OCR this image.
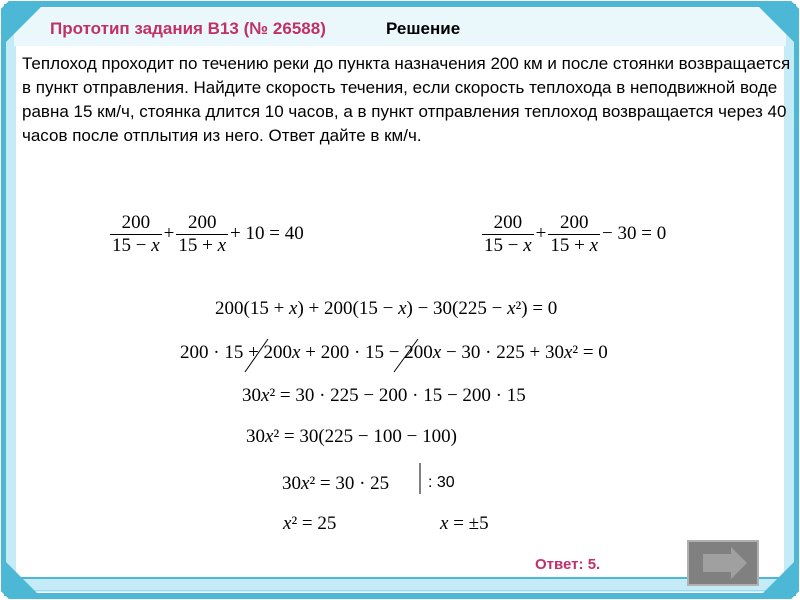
Прототип задания B13 (№ 26588)	Решение
Теплоход проходит по течению реки до пункта назначения 200 км и после стоянки возвращается в пункт отправления. Найдите скорость течения, если скорость теплохода в неподвижной воде равна 15 км/ч, стоянка длится 10 часов, а в пункт отправления теплоход возвращается через 40 часов после отплытия из него. Ответ дайте в км/ч.
$\frac{200}{15 - x} + \frac{200}{15 + x} + 10 = 40$	$\frac{200}{15 - x} + \frac{200}{15 + x} - 30 = 0$
200(15 + x) + 200(15 − x) − 30(225 − x²) = 0
200 · 15 + 200x + 200 · 15 − 200x − 30 · 225 + 30x² = 0
30x² = 30 · 225 − 200 · 15 − 200 · 15
30x² = 30(225 − 100 − 100)
30x² = 30 · 25 : 30
x² = 25	x = ±5
Ответ: 5.
